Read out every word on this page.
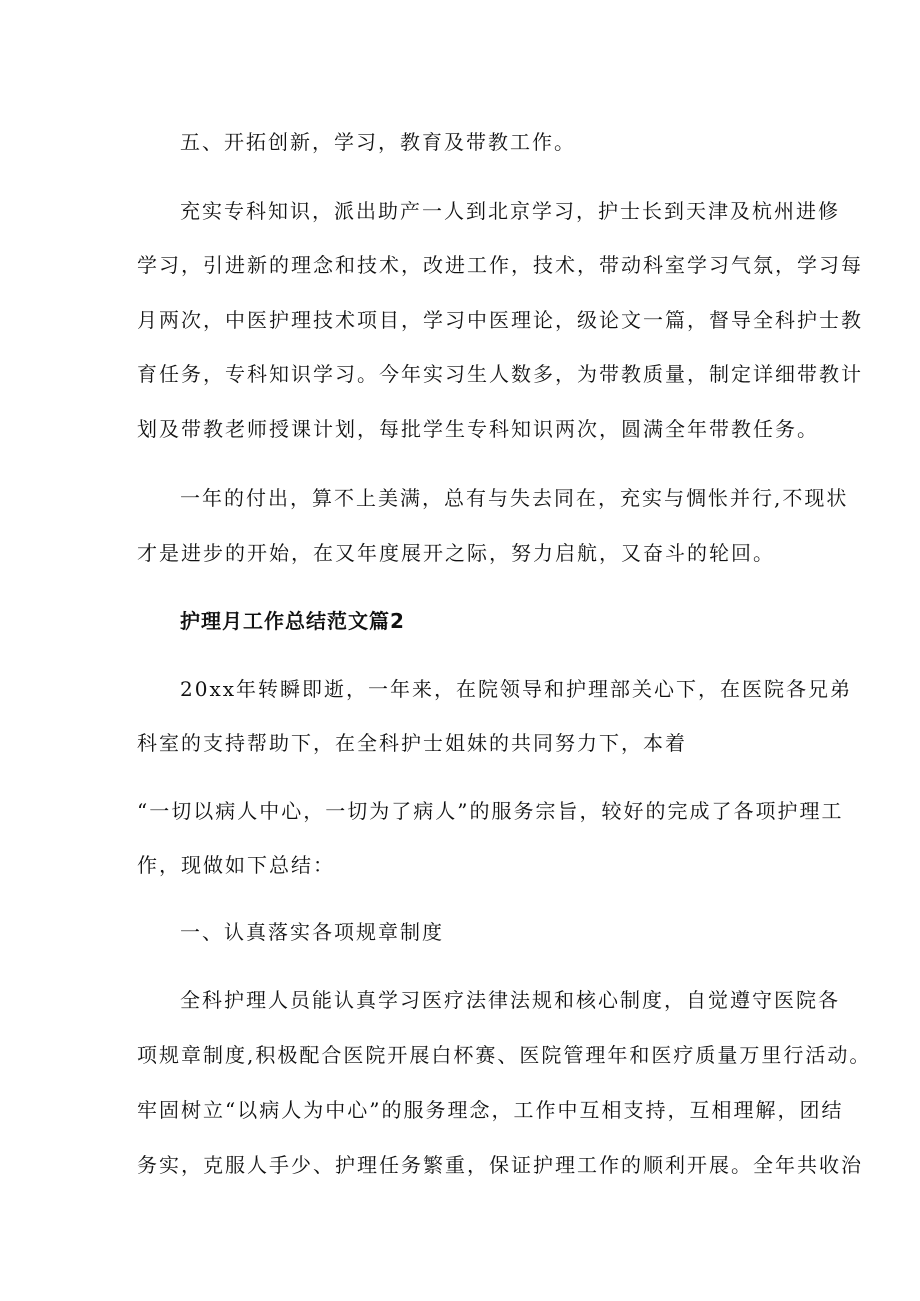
五、开拓创新，学习，教育及带教工作。
充实专科知识，派出助产一人到北京学习，护士长到天津及杭州进修
学习，引进新的理念和技术，改进工作，技术，带动科室学习气氛，学习每
月两次，中医护理技术项目，学习中医理论，级论文一篇，督导全科护士教
育任务，专科知识学习。今年实习生人数多，为带教质量，制定详细带教计
划及带教老师授课计划，每批学生专科知识两次，圆满全年带教任务。
一年的付出，算不上美满，总有与失去同在，充实与惆怅并行,不现状
才是进步的开始，在又年度展开之际，努力启航，又奋斗的轮回。
护理月工作总结范文篇2
20xx年转瞬即逝，一年来，在院领导和护理部关心下，在医院各兄弟
科室的支持帮助下，在全科护士姐妹的共同努力下，本着
“一切以病人中心，一切为了病人”的服务宗旨，较好的完成了各项护理工
作，现做如下总结：
一、认真落实各项规章制度
全科护理人员能认真学习医疗法律法规和核心制度，自觉遵守医院各
项规章制度,积极配合医院开展白杯赛、医院管理年和医疗质量万里行活动。
牢固树立“以病人为中心”的服务理念，工作中互相支持，互相理解，团结
务实，克服人手少、护理任务繁重，保证护理工作的顺利开展。全年共收治
